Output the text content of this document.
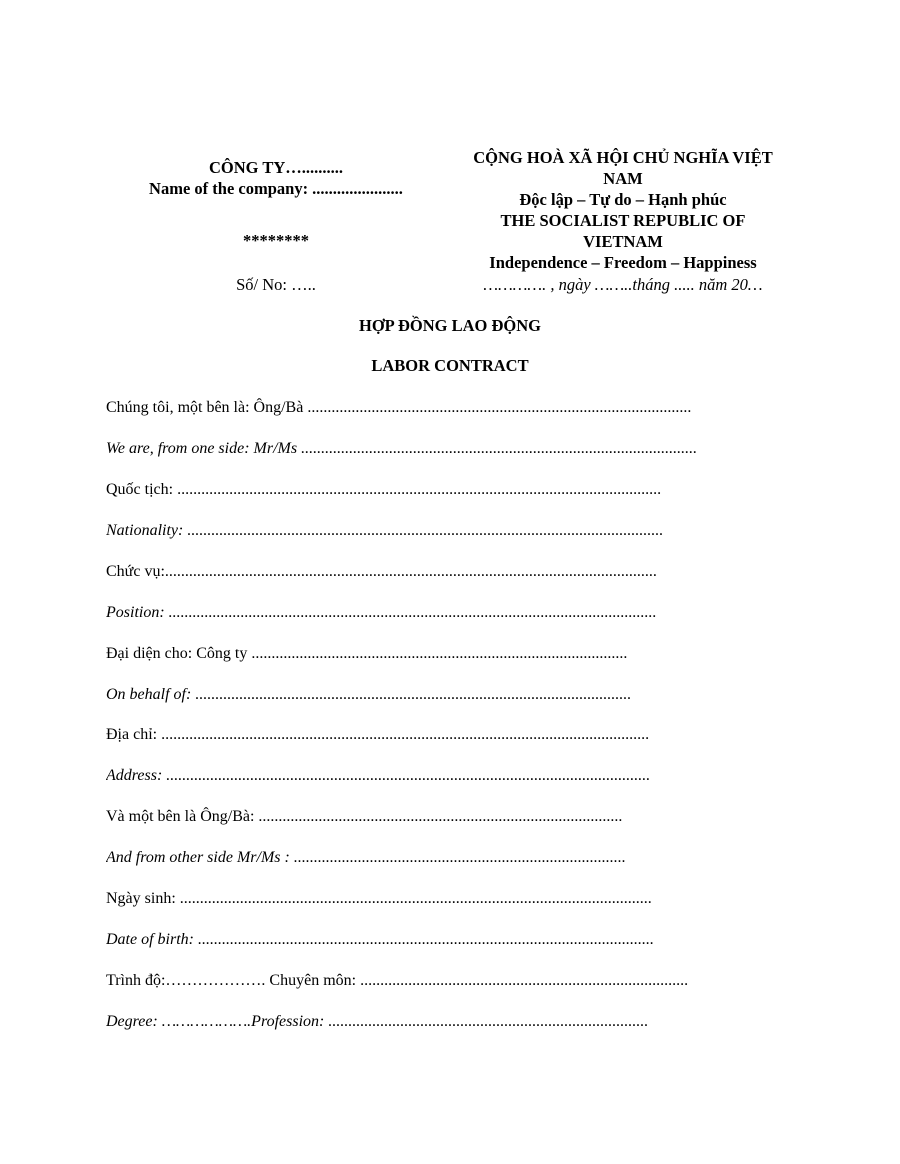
CÔNG TY…..........
Name of the company: ......................
********
Số/ No: …..
CỘNG HOÀ XÃ HỘI CHỦ NGHĨA VIỆT
NAM
Độc lập – Tự do – Hạnh phúc
THE SOCIALIST REPUBLIC OF
VIETNAM
Independence – Freedom – Happiness
…………. , ngày ……..tháng ..... năm 20…
HỢP ĐỒNG LAO ĐỘNG
LABOR CONTRACT
Chúng tôi, một bên là: Ông/Bà ................................................................................................
We are, from one side: Mr/Ms ...................................................................................................
Quốc tịch: .........................................................................................................................
Nationality: .......................................................................................................................
Chức vụ:...........................................................................................................................
Position: ..........................................................................................................................
Đại diện cho: Công ty ..............................................................................................
On behalf of: .............................................................................................................
Địa chỉ: ..........................................................................................................................
Address: .........................................................................................................................
Và một bên là Ông/Bà: ...........................................................................................
And from other side Mr/Ms : ...................................................................................
Ngày sinh: ......................................................................................................................
Date of birth: ..................................................................................................................
Trình độ:………………. Chuyên môn: ..................................................................................
Degree: ……………….Profession: ................................................................................
